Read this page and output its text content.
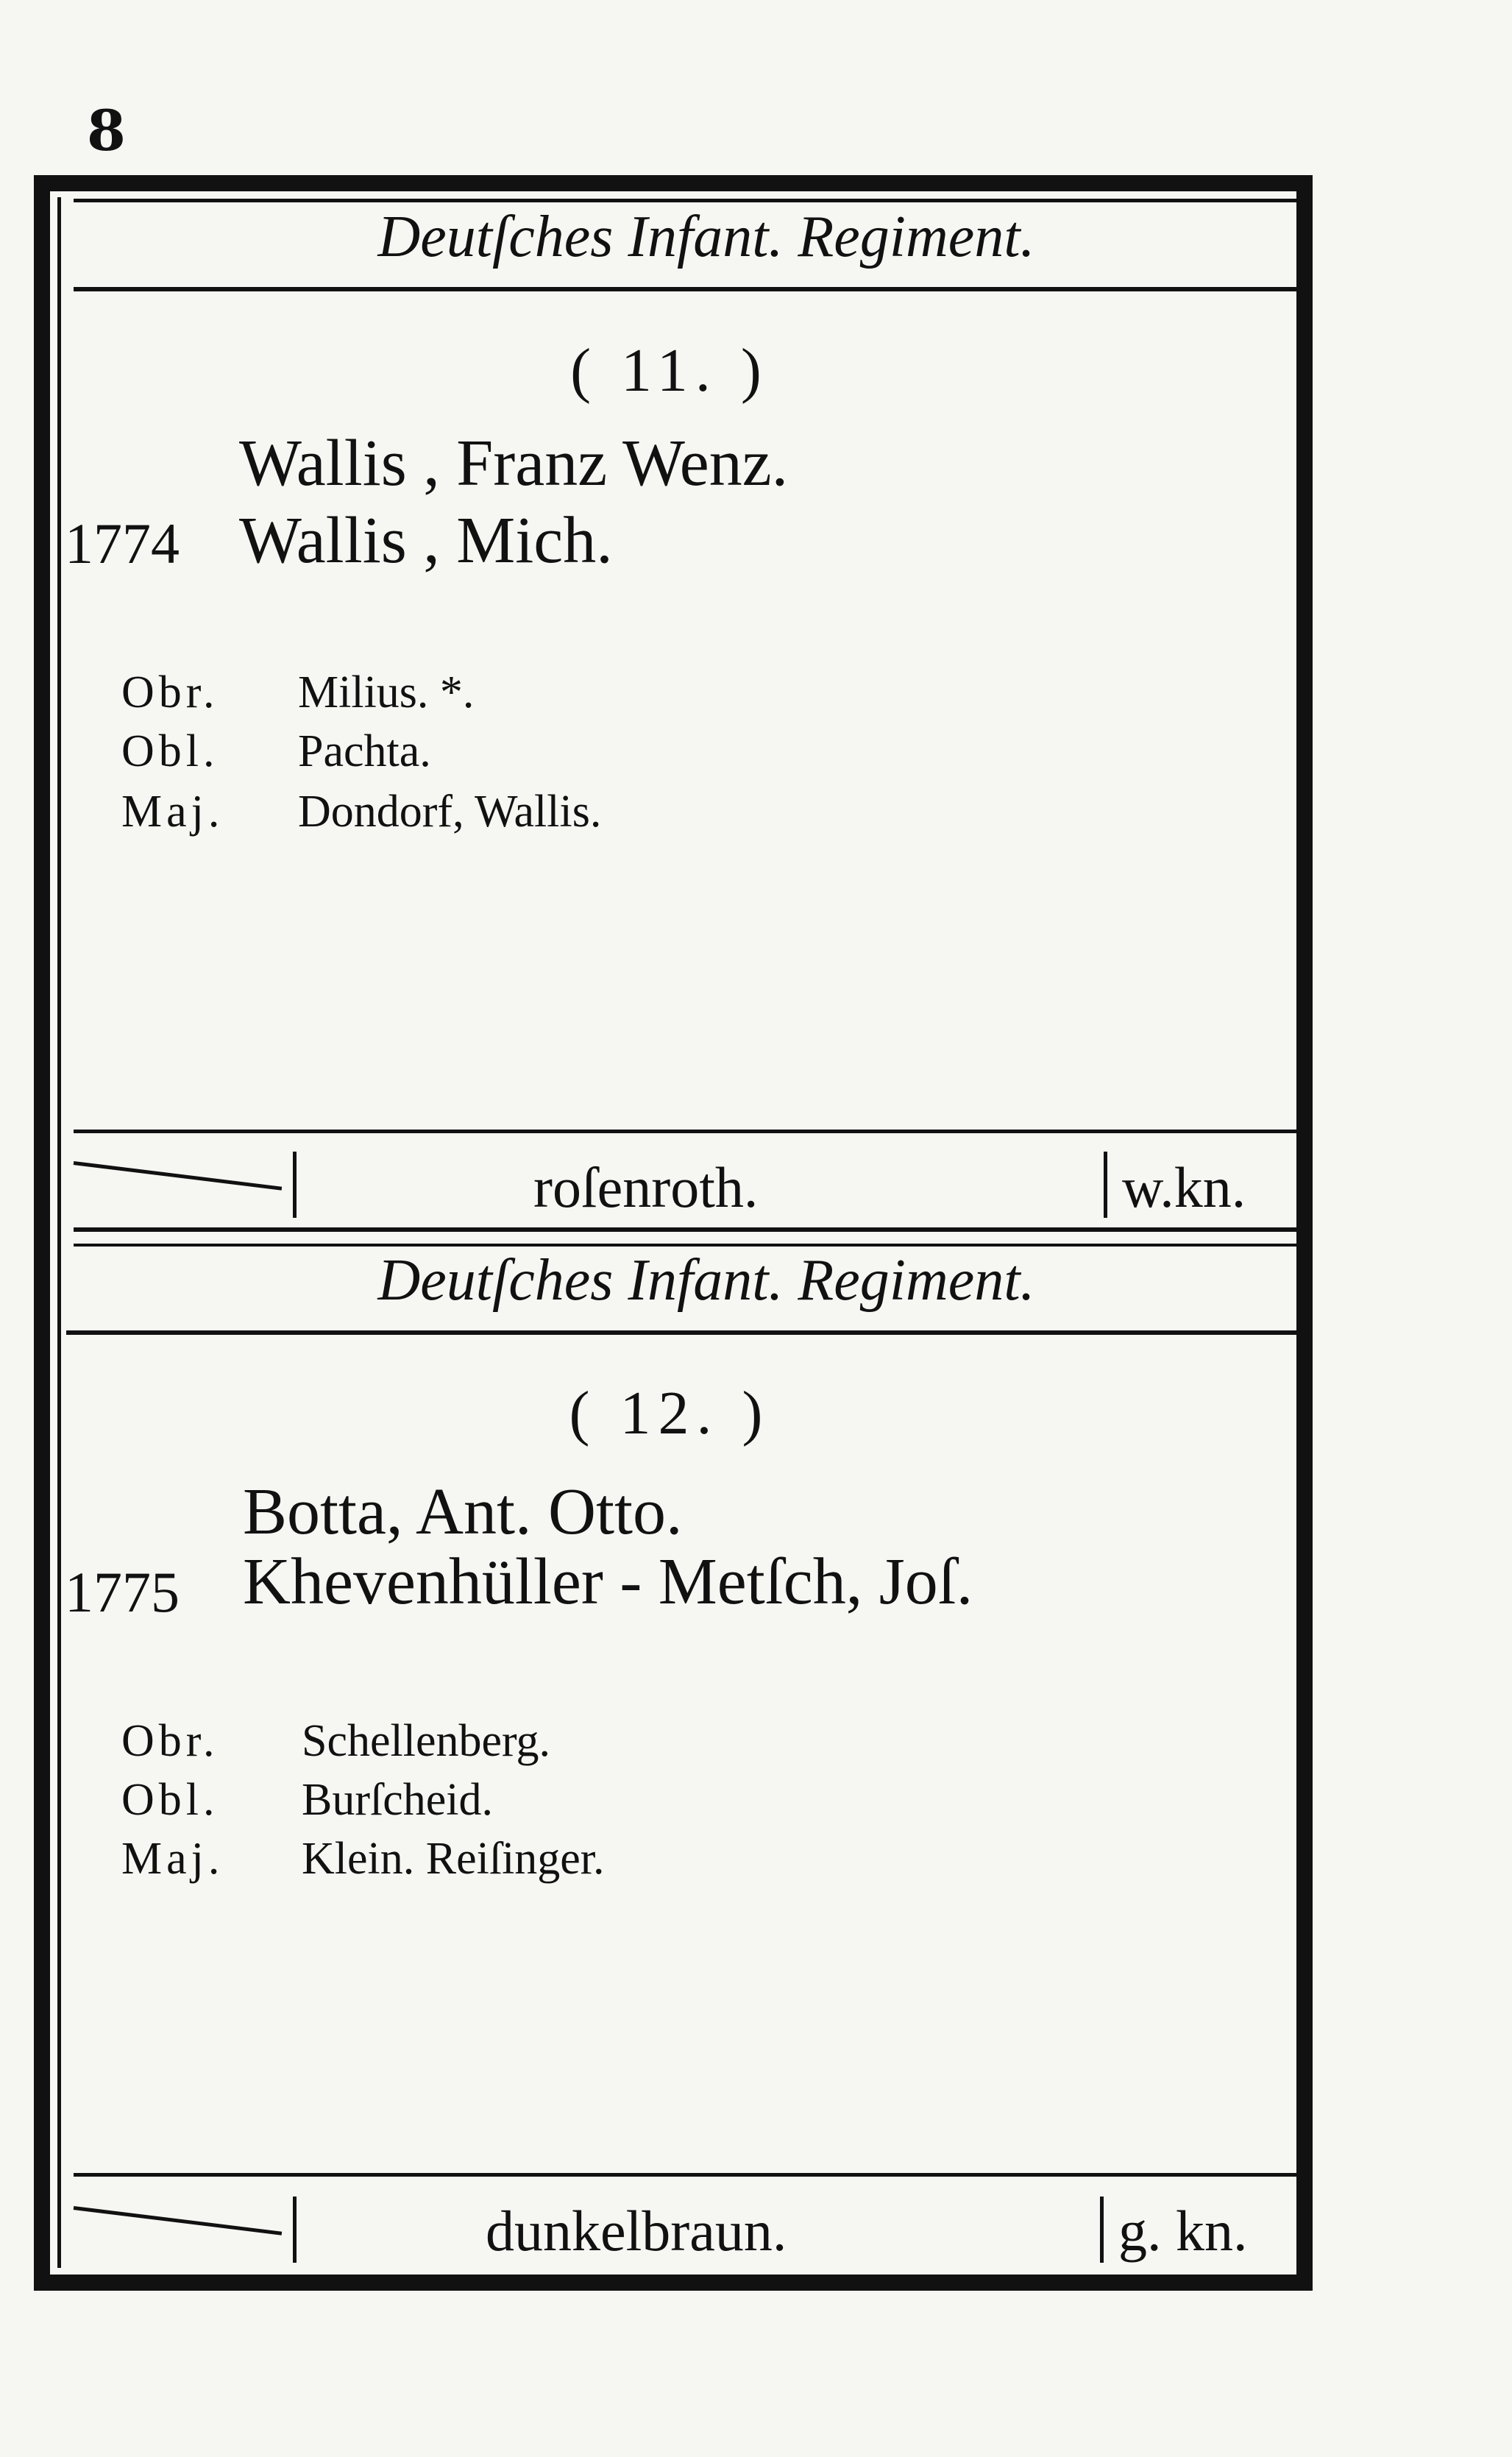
8
Deutſches Infant. Regiment.
( 11. )
Wallis , Franz Wenz.
1774 Wallis , Mich.
Obr. Milius. *.
Obl. Pachta.
Maj. Dondorf, Wallis.
roſenroth.	w.kn.
Deutſches Infant. Regiment.
( 12. )
Botta, Ant. Otto.
1775 Khevenhüller - Metſch, Joſ.
Obr. Schellenberg.
Obl. Burſcheid.
Maj. Klein. Reiſinger.
dunkelbraun.	g. kn.
